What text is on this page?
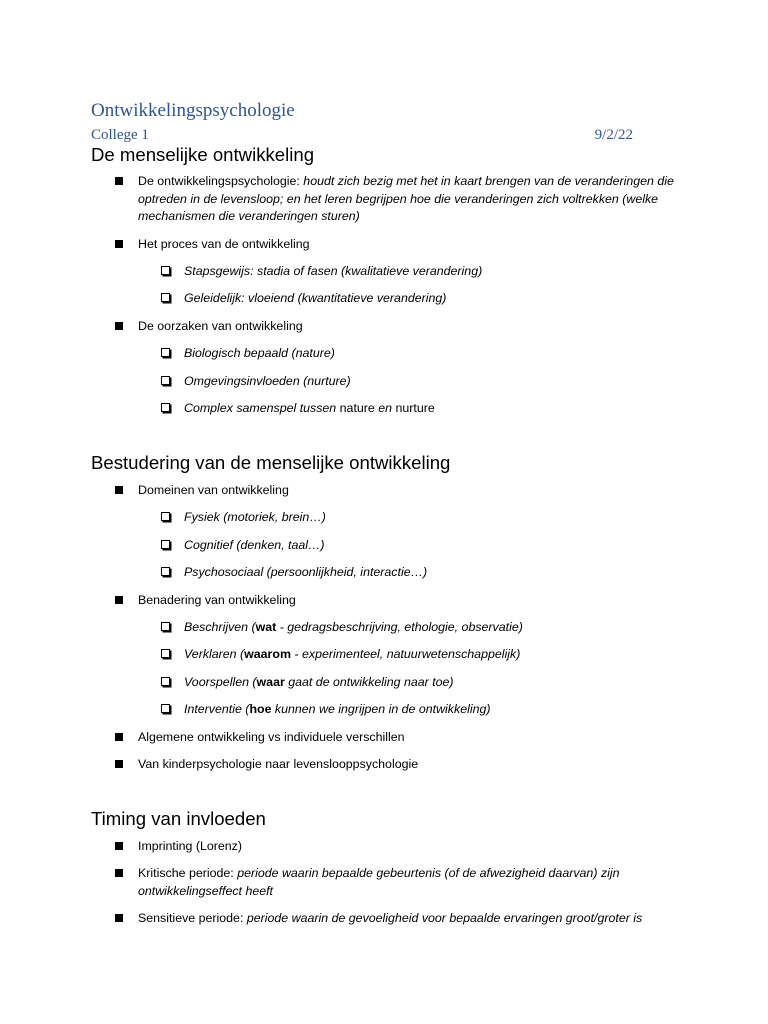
Ontwikkelingspsychologie
College 1	9/2/22
De menselijke ontwikkeling
De ontwikkelingspsychologie: houdt zich bezig met het in kaart brengen van de veranderingen die optreden in de levensloop; en het leren begrijpen hoe die veranderingen zich voltrekken (welke mechanismen die veranderingen sturen)
Het proces van de ontwikkeling
Stapsgewijs: stadia of fasen (kwalitatieve verandering)
Geleidelijk: vloeiend (kwantitatieve verandering)
De oorzaken van ontwikkeling
Biologisch bepaald (nature)
Omgevingsinvloeden (nurture)
Complex samenspel tussen nature en nurture
Bestudering van de menselijke ontwikkeling
Domeinen van ontwikkeling
Fysiek (motoriek, brein…)
Cognitief (denken, taal…)
Psychosociaal (persoonlijkheid, interactie…)
Benadering van ontwikkeling
Beschrijven (wat - gedragsbeschrijving, ethologie, observatie)
Verklaren (waarom - experimenteel, natuurwetenschappelijk)
Voorspellen (waar gaat de ontwikkeling naar toe)
Interventie (hoe kunnen we ingrijpen in de ontwikkeling)
Algemene ontwikkeling vs individuele verschillen
Van kinderpsychologie naar levenslooppsychologie
Timing van invloeden
Imprinting (Lorenz)
Kritische periode: periode waarin bepaalde gebeurtenis (of de afwezigheid daarvan) zijn ontwikkelingseffect heeft
Sensitieve periode: periode waarin de gevoeligheid voor bepaalde ervaringen groot/groter is
